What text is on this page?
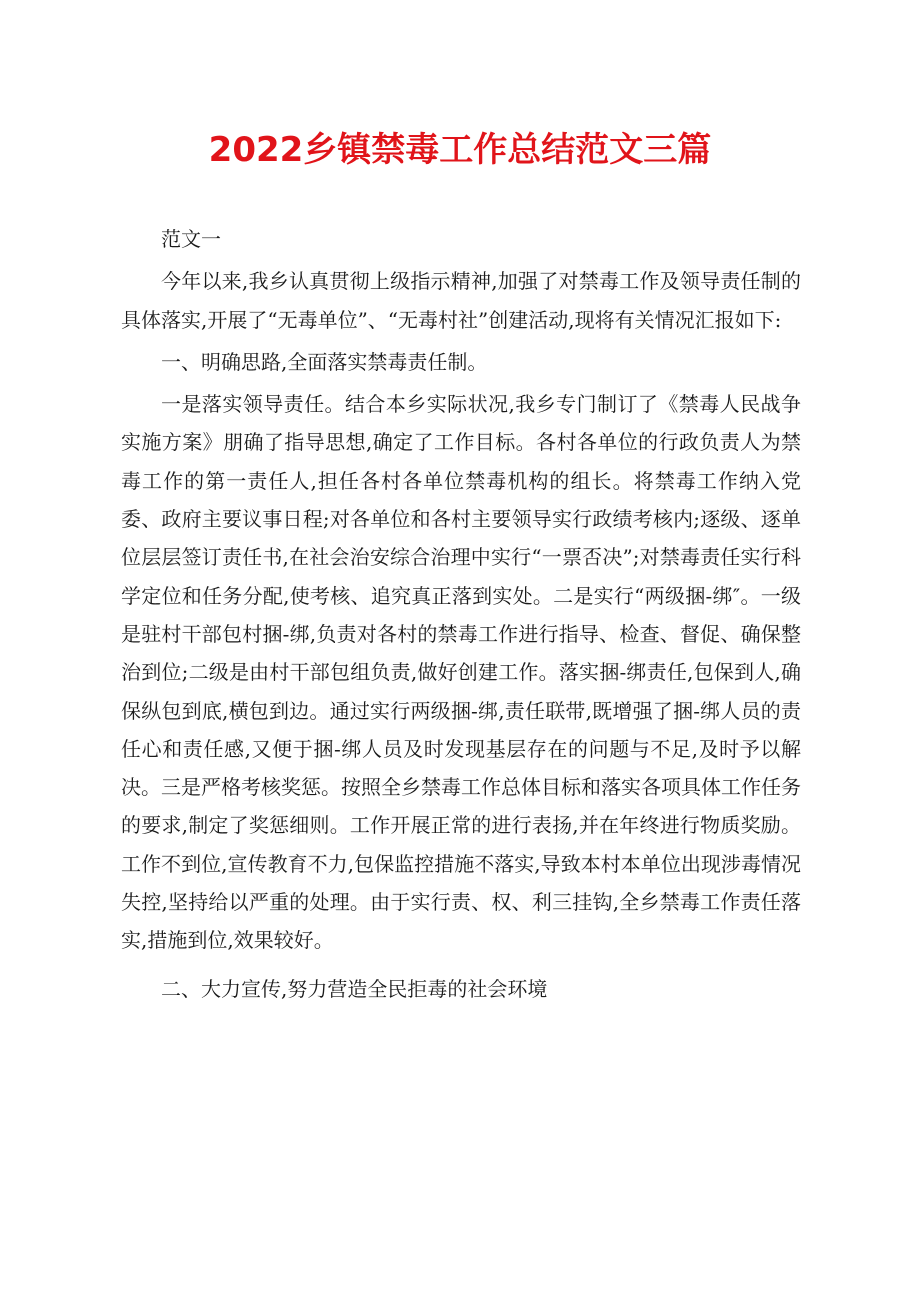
2022乡镇禁毒工作总结范文三篇

范文一

今年以来,我乡认真贯彻上级指示精神,加强了对禁毒工作及领导责任制的具体落实,开展了“无毒单位”、“无毒村社”创建活动,现将有关情况汇报如下:

一、明确思路,全面落实禁毒责任制。

一是落实领导责任。结合本乡实际状况,我乡专门制订了《禁毒人民战争实施方案》朋确了指导思想,确定了工作目标。各村各单位的行政负责人为禁毒工作的第一责任人,担任各村各单位禁毒机构的组长。将禁毒工作纳入党委、政府主要议事日程;对各单位和各村主要领导实行政绩考核内;逐级、逐单位层层签订责任书,在社会治安综合治理中实行“一票否决”;对禁毒责任实行科学定位和任务分配,使考核、追究真正落到实处。二是实行“两级捆-绑″。一级是驻村干部包村捆-绑,负责对各村的禁毒工作进行指导、检查、督促、确保整治到位;二级是由村干部包组负责,做好创建工作。落实捆-绑责任,包保到人,确保纵包到底,横包到边。通过实行两级捆-绑,责任联带,既增强了捆-绑人员的责任心和责任感,又便于捆-绑人员及时发现基层存在的问题与不足,及时予以解决。三是严格考核奖惩。按照全乡禁毒工作总体目标和落实各项具体工作任务的要求,制定了奖惩细则。工作开展正常的进行表扬,并在年终进行物质奖励。工作不到位,宣传教育不力,包保监控措施不落实,导致本村本单位出现涉毒情况失控,坚持给以严重的处理。由于实行责、权、利三挂钩,全乡禁毒工作责任落实,措施到位,效果较好。

二、大力宣传,努力营造全民拒毒的社会环境
